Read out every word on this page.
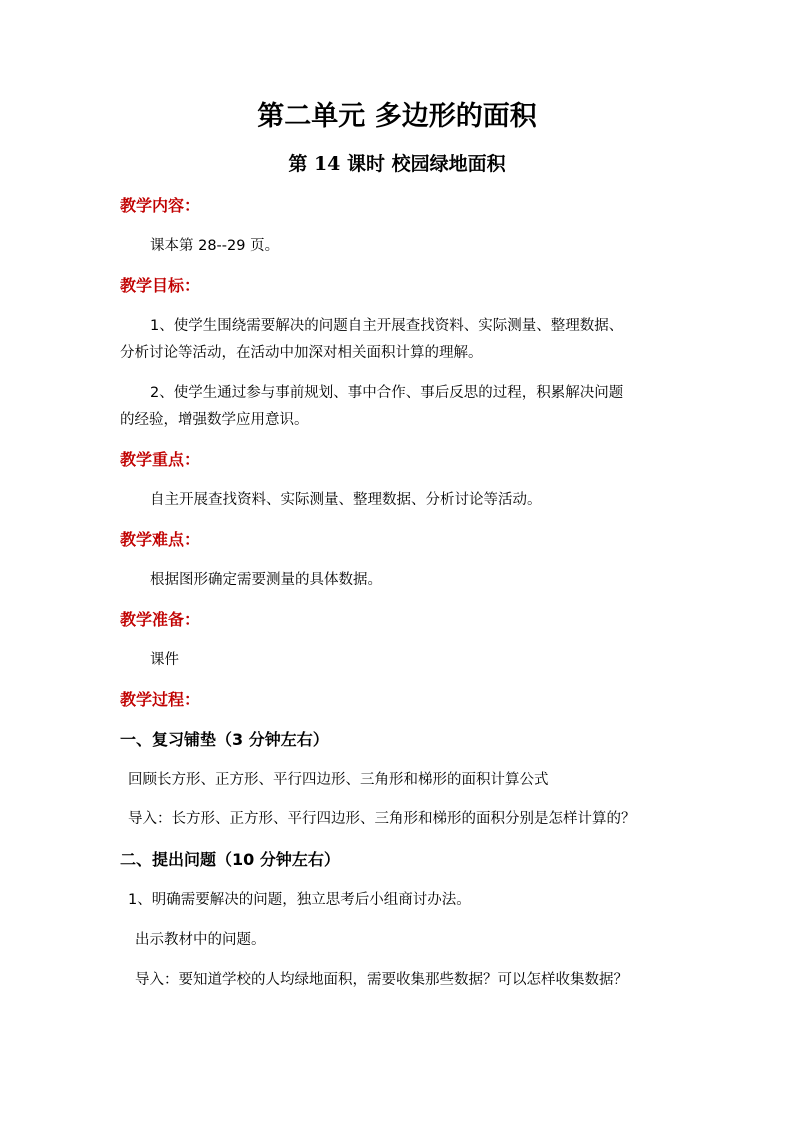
第二单元 多边形的面积
第 14 课时 校园绿地面积
教学内容：
课本第 28--29 页。
教学目标：
1、使学生围绕需要解决的问题自主开展查找资料、实际测量、整理数据、
分析讨论等活动，在活动中加深对相关面积计算的理解。
2、使学生通过参与事前规划、事中合作、事后反思的过程，积累解决问题
的经验，增强数学应用意识。
教学重点：
自主开展查找资料、实际测量、整理数据、分析讨论等活动。
教学难点：
根据图形确定需要测量的具体数据。
教学准备：
课件
教学过程：
一、复习铺垫（3 分钟左右）
回顾长方形、正方形、平行四边形、三角形和梯形的面积计算公式
导入：长方形、正方形、平行四边形、三角形和梯形的面积分别是怎样计算的？
二、提出问题（10 分钟左右）
1、明确需要解决的问题，独立思考后小组商讨办法。
出示教材中的问题。
导入：要知道学校的人均绿地面积，需要收集那些数据？可以怎样收集数据？
